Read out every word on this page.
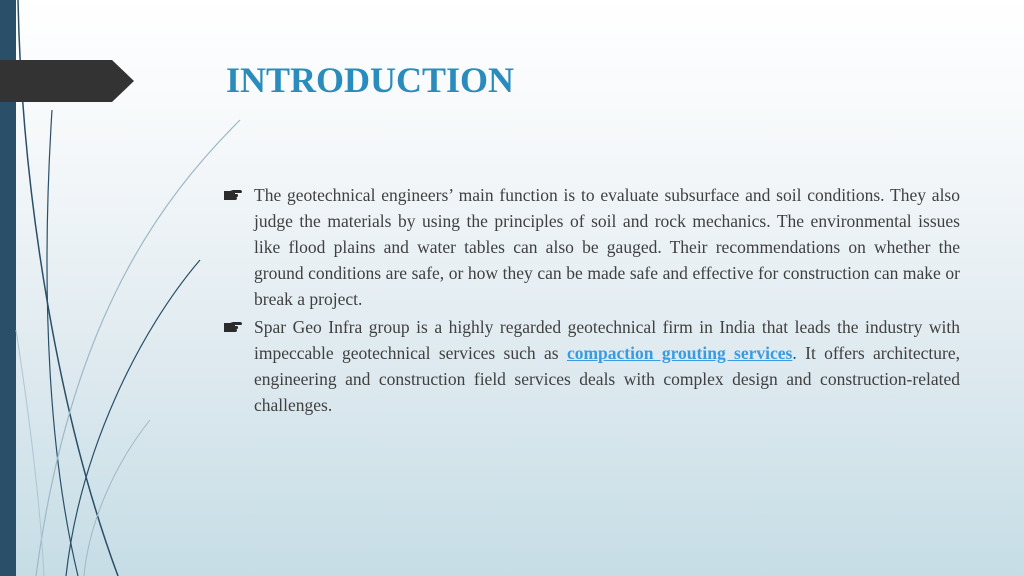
INTRODUCTION
The geotechnical engineers’ main function is to evaluate subsurface and soil conditions. They also judge the materials by using the principles of soil and rock mechanics. The environmental issues like flood plains and water tables can also be gauged. Their recommendations on whether the ground conditions are safe, or how they can be made safe and effective for construction can make or break a project.
Spar Geo Infra group is a highly regarded geotechnical firm in India that leads the industry with impeccable geotechnical services such as compaction grouting services. It offers architecture, engineering and construction field services deals with complex design and construction-related challenges.
